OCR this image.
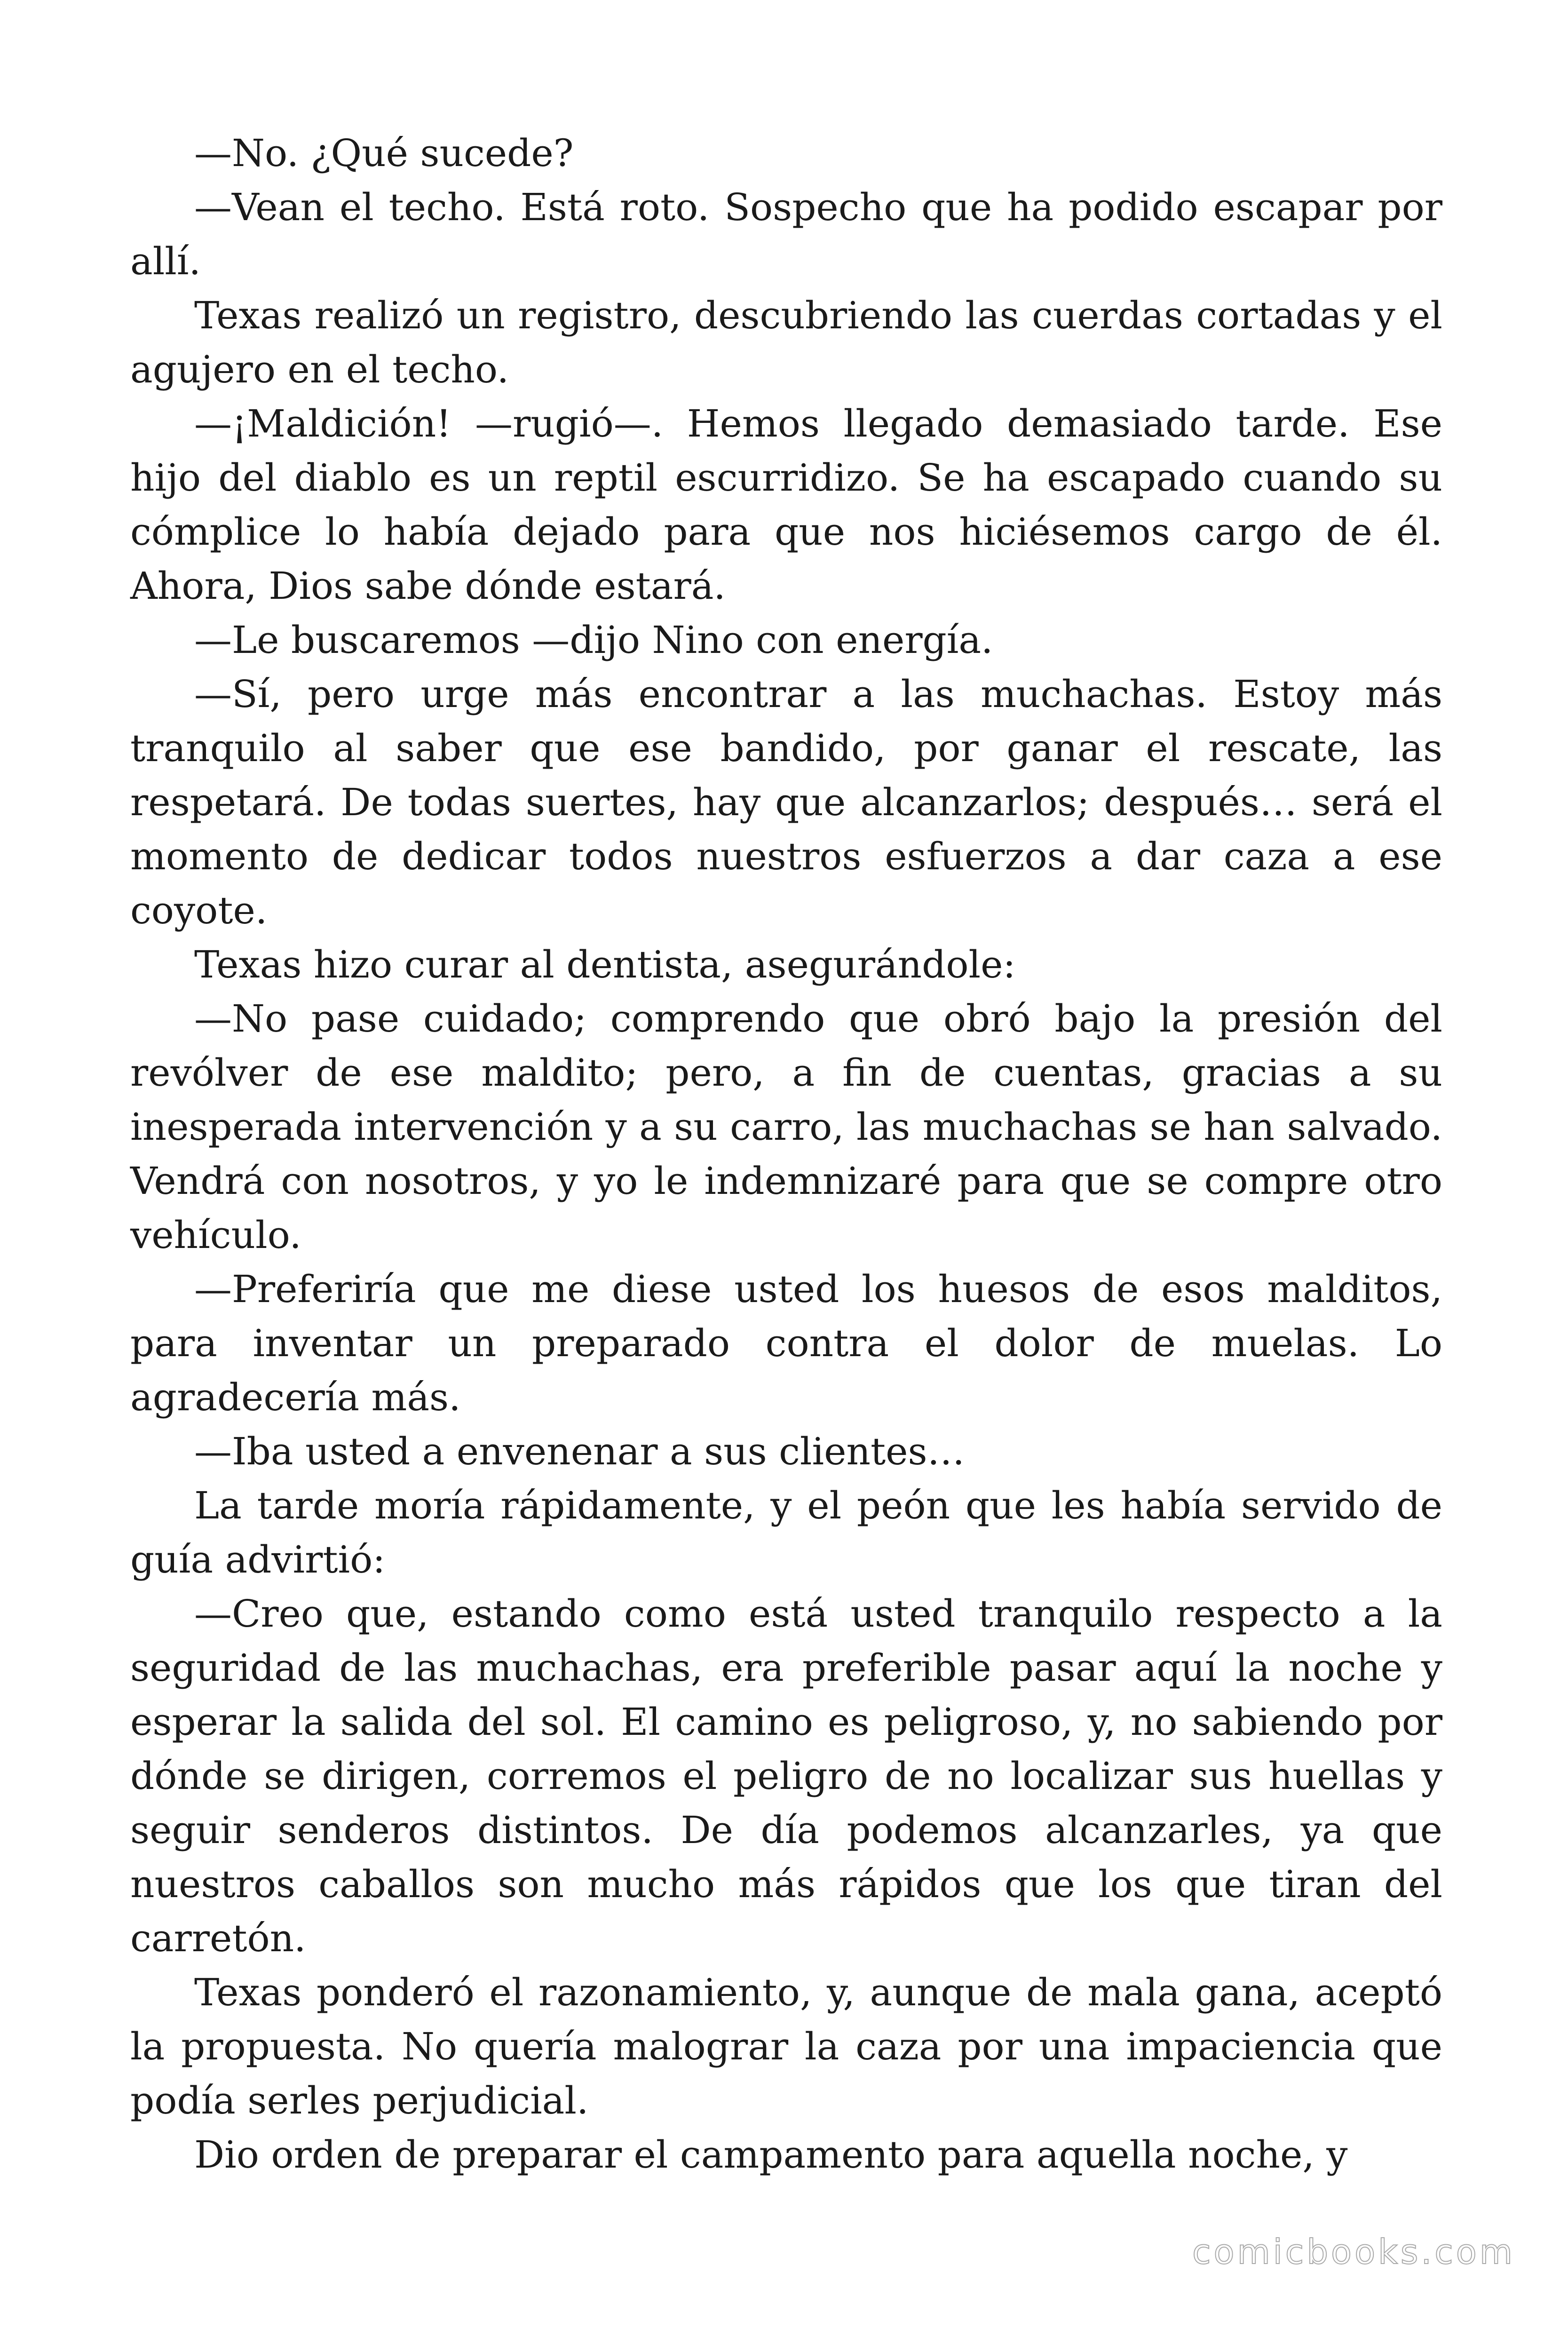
—No. ¿Qué sucede?

—Vean el techo. Está roto. Sospecho que ha podido escapar por allí.

Texas realizó un registro, descubriendo las cuerdas cortadas y el agujero en el techo.

—¡Maldición! —rugió—. Hemos llegado demasiado tarde. Ese hijo del diablo es un reptil escurridizo. Se ha escapado cuando su cómplice lo había dejado para que nos hiciésemos cargo de él. Ahora, Dios sabe dónde estará.

—Le buscaremos —dijo Nino con energía.

—Sí, pero urge más encontrar a las muchachas. Estoy más tranquilo al saber que ese bandido, por ganar el rescate, las respetará. De todas suertes, hay que alcanzarlos; después… será el momento de dedicar todos nuestros esfuerzos a dar caza a ese coyote.

Texas hizo curar al dentista, asegurándole:

—No pase cuidado; comprendo que obró bajo la presión del revólver de ese maldito; pero, a fin de cuentas, gracias a su inesperada intervención y a su carro, las muchachas se han salvado. Vendrá con nosotros, y yo le indemnizaré para que se compre otro vehículo.

—Preferiría que me diese usted los huesos de esos malditos, para inventar un preparado contra el dolor de muelas. Lo agradecería más.

—Iba usted a envenenar a sus clientes…

La tarde moría rápidamente, y el peón que les había servido de guía advirtió:

—Creo que, estando como está usted tranquilo respecto a la seguridad de las muchachas, era preferible pasar aquí la noche y esperar la salida del sol. El camino es peligroso, y, no sabiendo por dónde se dirigen, corremos el peligro de no localizar sus huellas y seguir senderos distintos. De día podemos alcanzarles, ya que nuestros caballos son mucho más rápidos que los que tiran del carretón.

Texas ponderó el razonamiento, y, aunque de mala gana, aceptó la propuesta. No quería malograr la caza por una impaciencia que podía serles perjudicial.

Dio orden de preparar el campamento para aquella noche, y

comicbooks.com
